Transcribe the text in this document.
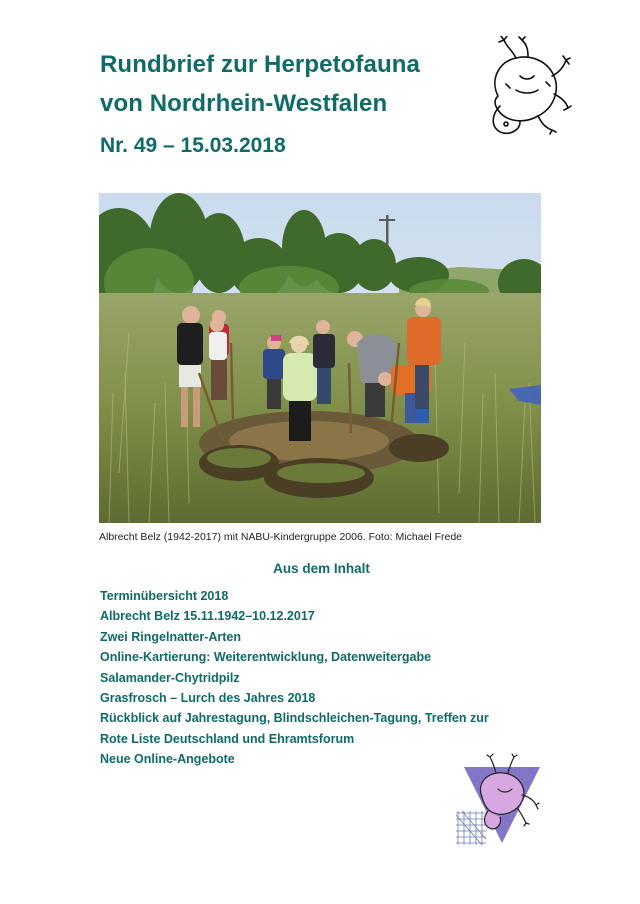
Rundbrief zur Herpetofauna
von Nordrhein-Westfalen
Nr. 49 – 15.03.2018
Albrecht Belz (1942-2017) mit NABU-Kindergruppe 2006. Foto: Michael Frede
Aus dem Inhalt
Terminübersicht 2018
Albrecht Belz 15.11.1942–10.12.2017
Zwei Ringelnatter-Arten
Online-Kartierung: Weiterentwicklung, Datenweitergabe
Salamander-Chytridpilz
Grasfrosch – Lurch des Jahres 2018
Rückblick auf Jahrestagung, Blindschleichen-Tagung, Treffen zur
Rote Liste Deutschland und Ehramtsforum
Neue Online-Angebote
